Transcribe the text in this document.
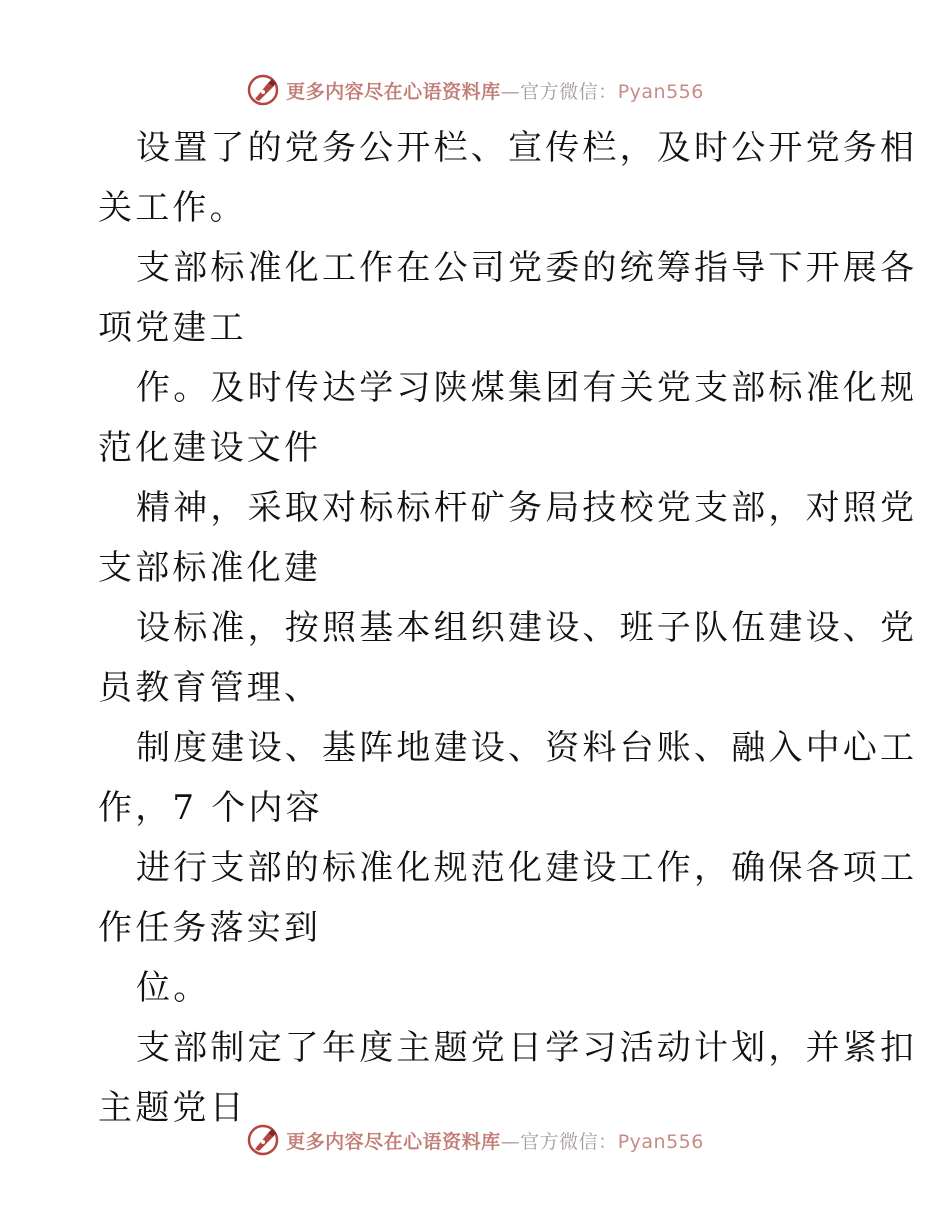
更多内容尽在心语资料库—官方微信：Pyan556

设置了的党务公开栏、宣传栏，及时公开党务相

关工作。

支部标准化工作在公司党委的统筹指导下开展各

项党建工

作。及时传达学习陕煤集团有关党支部标准化规

范化建设文件

精神，采取对标标杆矿务局技校党支部，对照党

支部标准化建

设标准，按照基本组织建设、班子队伍建设、党

员教育管理、

制度建设、基阵地建设、资料台账、融入中心工

作，7 个内容

进行支部的标准化规范化建设工作，确保各项工

作任务落实到

位。

支部制定了年度主题党日学习活动计划，并紧扣

主题党日

更多内容尽在心语资料库—官方微信：Pyan556
